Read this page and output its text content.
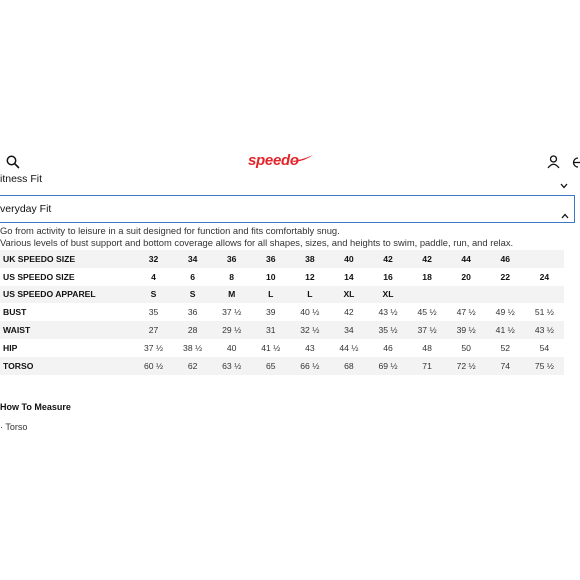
speedo
itness Fit
veryday Fit
Go from activity to leisure in a suit designed for function and fits comfortably snug.
Various levels of bust support and bottom coverage allows for all shapes, sizes, and heights to swim, paddle, run, and relax.
UK SPEEDO SIZE	32	34	36	36	38	40	42	42	44	46	
US SPEEDO SIZE	4	6	8	10	12	14	16	18	20	22	24
US SPEEDO APPAREL	S	S	M	L	L	XL	XL				
BUST	35	36	37 ½	39	40 ½	42	43 ½	45 ½	47 ½	49 ½	51 ½
WAIST	27	28	29 ½	31	32 ½	34	35 ½	37 ½	39 ½	41 ½	43 ½
HIP	37 ½	38 ½	40	41 ½	43	44 ½	46	48	50	52	54
TORSO	60 ½	62	63 ½	65	66 ½	68	69 ½	71	72 ½	74	75 ½
How To Measure
· Torso
